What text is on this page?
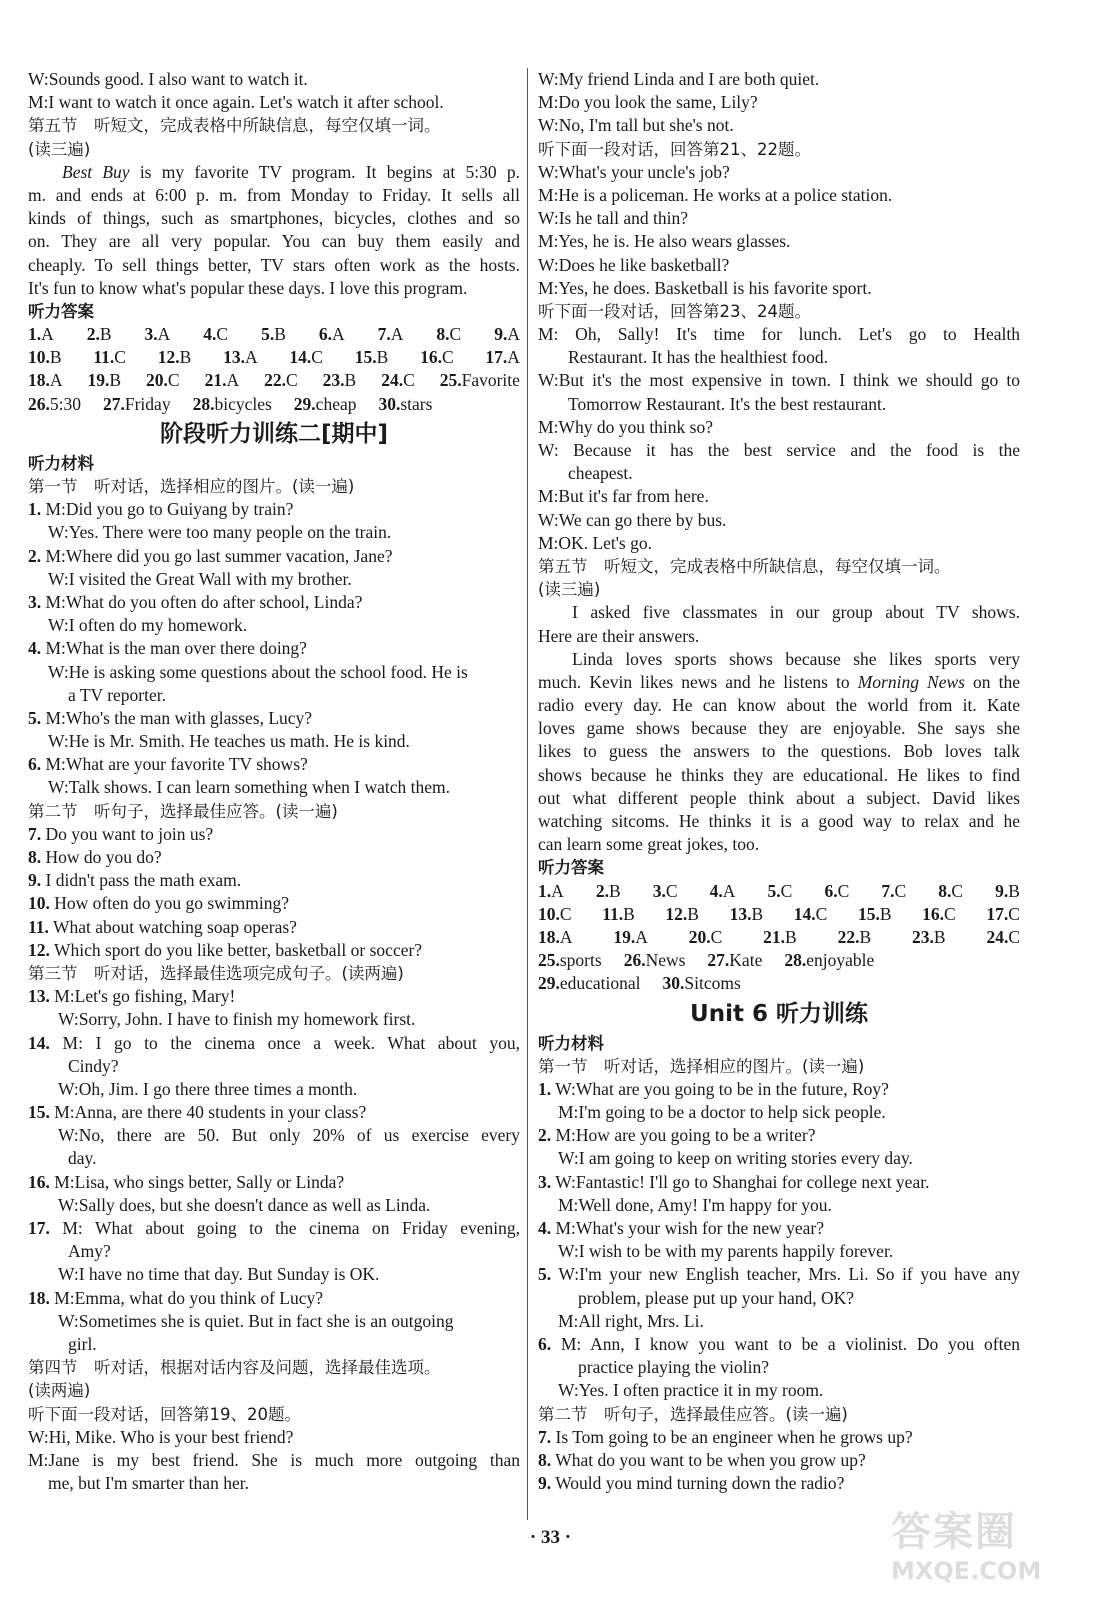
W:Sounds good. I also want to watch it.
M:I want to watch it once again. Let's watch it after school.
第五节　听短文，完成表格中所缺信息，每空仅填一词。
(读三遍)
Best Buy is my favorite TV program. It begins at 5:30 p.
m. and ends at 6:00 p. m. from Monday to Friday. It sells all
kinds of things, such as smartphones, bicycles, clothes and so
on. They are all very popular. You can buy them easily and
cheaply. To sell things better, TV stars often work as the hosts.
It's fun to know what's popular these days. I love this program.
听力答案
1.A 2.B 3.A 4.C 5.B 6.A 7.A 8.C 9.A
10.B 11.C 12.B 13.A 14.C 15.B 16.C 17.A
18.A 19.B 20.C 21.A 22.C 23.B 24.C 25.Favorite
26.5:30 27.Friday 28.bicycles 29.cheap 30.stars
阶段听力训练二[期中]
听力材料
第一节　听对话，选择相应的图片。(读一遍)
1. M:Did you go to Guiyang by train?
W:Yes. There were too many people on the train.
2. M:Where did you go last summer vacation, Jane?
W:I visited the Great Wall with my brother.
3. M:What do you often do after school, Linda?
W:I often do my homework.
4. M:What is the man over there doing?
W:He is asking some questions about the school food. He is
a TV reporter.
5. M:Who's the man with glasses, Lucy?
W:He is Mr. Smith. He teaches us math. He is kind.
6. M:What are your favorite TV shows?
W:Talk shows. I can learn something when I watch them.
第二节　听句子，选择最佳应答。(读一遍)
7. Do you want to join us?
8. How do you do?
9. I didn't pass the math exam.
10. How often do you go swimming?
11. What about watching soap operas?
12. Which sport do you like better, basketball or soccer?
第三节　听对话，选择最佳选项完成句子。(读两遍)
13. M:Let's go fishing, Mary!
W:Sorry, John. I have to finish my homework first.
14. M: I go to the cinema once a week. What about you,
Cindy?
W:Oh, Jim. I go there three times a month.
15. M:Anna, are there 40 students in your class?
W:No, there are 50. But only 20% of us exercise every
day.
16. M:Lisa, who sings better, Sally or Linda?
W:Sally does, but she doesn't dance as well as Linda.
17. M: What about going to the cinema on Friday evening,
Amy?
W:I have no time that day. But Sunday is OK.
18. M:Emma, what do you think of Lucy?
W:Sometimes she is quiet. But in fact she is an outgoing
girl.
第四节　听对话，根据对话内容及问题，选择最佳选项。
(读两遍)
听下面一段对话，回答第19、20题。
W:Hi, Mike. Who is your best friend?
M:Jane is my best friend. She is much more outgoing than
me, but I'm smarter than her.
W:My friend Linda and I are both quiet.
M:Do you look the same, Lily?
W:No, I'm tall but she's not.
听下面一段对话，回答第21、22题。
W:What's your uncle's job?
M:He is a policeman. He works at a police station.
W:Is he tall and thin?
M:Yes, he is. He also wears glasses.
W:Does he like basketball?
M:Yes, he does. Basketball is his favorite sport.
听下面一段对话，回答第23、24题。
M: Oh, Sally! It's time for lunch. Let's go to Health
Restaurant. It has the healthiest food.
W:But it's the most expensive in town. I think we should go to
Tomorrow Restaurant. It's the best restaurant.
M:Why do you think so?
W: Because it has the best service and the food is the
cheapest.
M:But it's far from here.
W:We can go there by bus.
M:OK. Let's go.
第五节　听短文，完成表格中所缺信息，每空仅填一词。
(读三遍)
I asked five classmates in our group about TV shows.
Here are their answers.
Linda loves sports shows because she likes sports very
much. Kevin likes news and he listens to Morning News on the
radio every day. He can know about the world from it. Kate
loves game shows because they are enjoyable. She says she
likes to guess the answers to the questions. Bob loves talk
shows because he thinks they are educational. He likes to find
out what different people think about a subject. David likes
watching sitcoms. He thinks it is a good way to relax and he
can learn some great jokes, too.
听力答案
1.A 2.B 3.C 4.A 5.C 6.C 7.C 8.C 9.B
10.C 11.B 12.B 13.B 14.C 15.B 16.C 17.C
18.A 19.A 20.C 21.B 22.B 23.B 24.C
25.sports 26.News 27.Kate 28.enjoyable
29.educational 30.Sitcoms
Unit 6 听力训练
听力材料
第一节　听对话，选择相应的图片。(读一遍)
1. W:What are you going to be in the future, Roy?
M:I'm going to be a doctor to help sick people.
2. M:How are you going to be a writer?
W:I am going to keep on writing stories every day.
3. W:Fantastic! I'll go to Shanghai for college next year.
M:Well done, Amy! I'm happy for you.
4. M:What's your wish for the new year?
W:I wish to be with my parents happily forever.
5. W:I'm your new English teacher, Mrs. Li. So if you have any
problem, please put up your hand, OK?
M:All right, Mrs. Li.
6. M: Ann, I know you want to be a violinist. Do you often
practice playing the violin?
W:Yes. I often practice it in my room.
第二节　听句子，选择最佳应答。(读一遍)
7. Is Tom going to be an engineer when he grows up?
8. What do you want to be when you grow up?
9. Would you mind turning down the radio?
· 33 ·	答案圈
MXQE.COM
